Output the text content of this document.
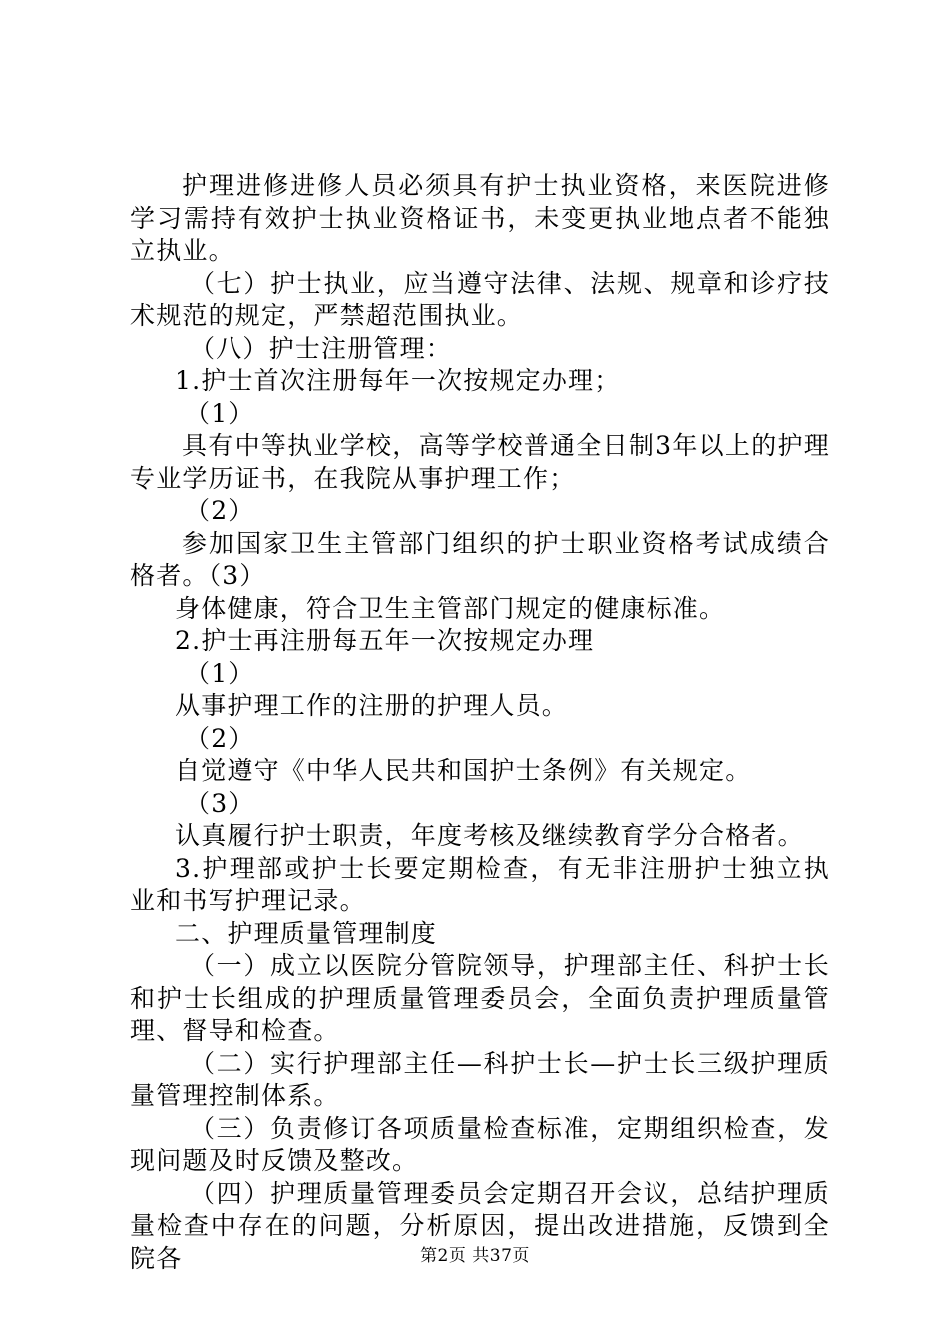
护理进修进修人员必须具有护士执业资格，来医院进修学习需持有效护士执业资格证书，未变更执业地点者不能独立执业。

（七）护士执业，应当遵守法律、法规、规章和诊疗技术规范的规定，严禁超范围执业。

（八）护士注册管理：

1.护士首次注册每年一次按规定办理；

（1）

具有中等执业学校，高等学校普通全日制3年以上的护理专业学历证书，在我院从事护理工作；

（2）

参加国家卫生主管部门组织的护士职业资格考试成绩合格者。（3）

身体健康，符合卫生主管部门规定的健康标准。

2.护士再注册每五年一次按规定办理

（1）

从事护理工作的注册的护理人员。

（2）

自觉遵守《中华人民共和国护士条例》有关规定。

（3）

认真履行护士职责，年度考核及继续教育学分合格者。

3.护理部或护士长要定期检查，有无非注册护士独立执业和书写护理记录。

二、护理质量管理制度

（一）成立以医院分管院领导，护理部主任、科护士长和护士长组成的护理质量管理委员会，全面负责护理质量管理、督导和检查。

（二）实行护理部主任—科护士长—护士长三级护理质量管理控制体系。

（三）负责修订各项质量检查标准，定期组织检查，发现问题及时反馈及整改。

（四）护理质量管理委员会定期召开会议，总结护理质量检查中存在的问题，分析原因，提出改进措施，反馈到全院各	第2页 共37页
